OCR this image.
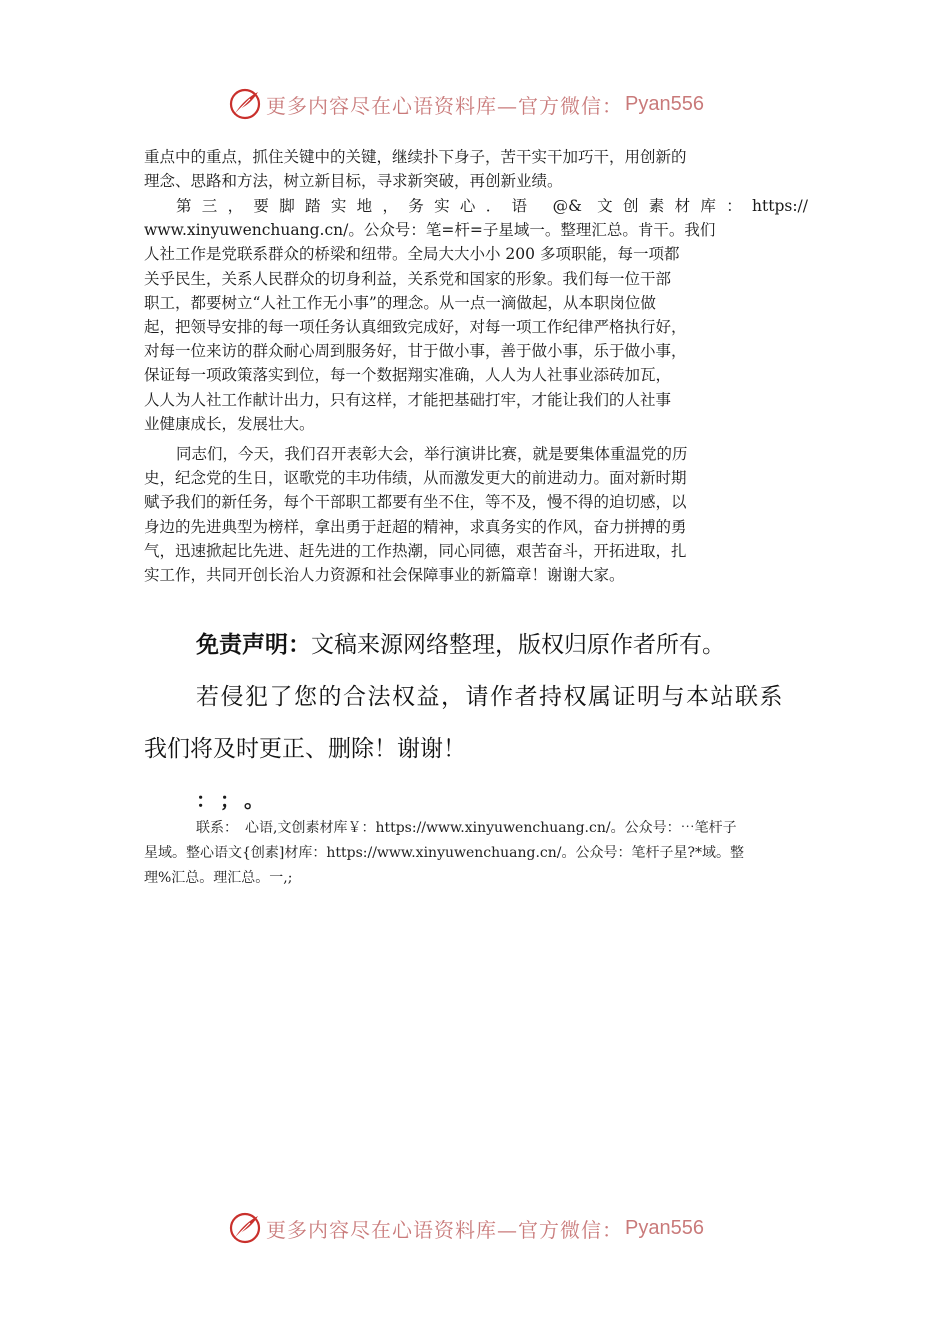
更多内容尽在心语资料库—官方微信： Pyan556
重点中的重点，抓住关键中的关键，继续扑下身子，苦干实干加巧干，用创新的
理念、思路和方法，树立新目标，寻求新突破，再创新业绩。
第三，要脚踏实地，务实心．语 @& 文创素材库：https://
www.xinyuwenchuang.cn/。公众号：笔=杆=子星域一。整理汇总。肯干。我们
人社工作是党联系群众的桥梁和纽带。全局大大小小 200 多项职能，每一项都
关乎民生，关系人民群众的切身利益，关系党和国家的形象。我们每一位干部
职工，都要树立“人社工作无小事”的理念。从一点一滴做起，从本职岗位做
起，把领导安排的每一项任务认真细致完成好，对每一项工作纪律严格执行好，
对每一位来访的群众耐心周到服务好，甘于做小事，善于做小事，乐于做小事，
保证每一项政策落实到位，每一个数据翔实准确，人人为人社事业添砖加瓦，
人人为人社工作献计出力，只有这样，才能把基础打牢，才能让我们的人社事
业健康成长，发展壮大。
同志们，今天，我们召开表彰大会，举行演讲比赛，就是要集体重温党的历
史，纪念党的生日，讴歌党的丰功伟绩，从而激发更大的前进动力。面对新时期
赋予我们的新任务，每个干部职工都要有坐不住，等不及，慢不得的迫切感，以
身边的先进典型为榜样，拿出勇于赶超的精神，求真务实的作风，奋力拼搏的勇
气，迅速掀起比先进、赶先进的工作热潮，同心同德，艰苦奋斗，开拓进取，扎
实工作，共同开创长治人力资源和社会保障事业的新篇章！谢谢大家。
免责声明：文稿来源网络整理，版权归原作者所有。
若侵犯了您的合法权益，请作者持权属证明与本站联系
我们将及时更正、删除！谢谢！
：；。
联系：　心语,文创素材库￥：https://www.xinyuwenchuang.cn/。公众号：⋯笔杆子
星域。整心语文{创素]材库：https://www.xinyuwenchuang.cn/。公众号：笔杆子星?*域。整
理%汇总。理汇总。一,;
更多内容尽在心语资料库—官方微信： Pyan556
